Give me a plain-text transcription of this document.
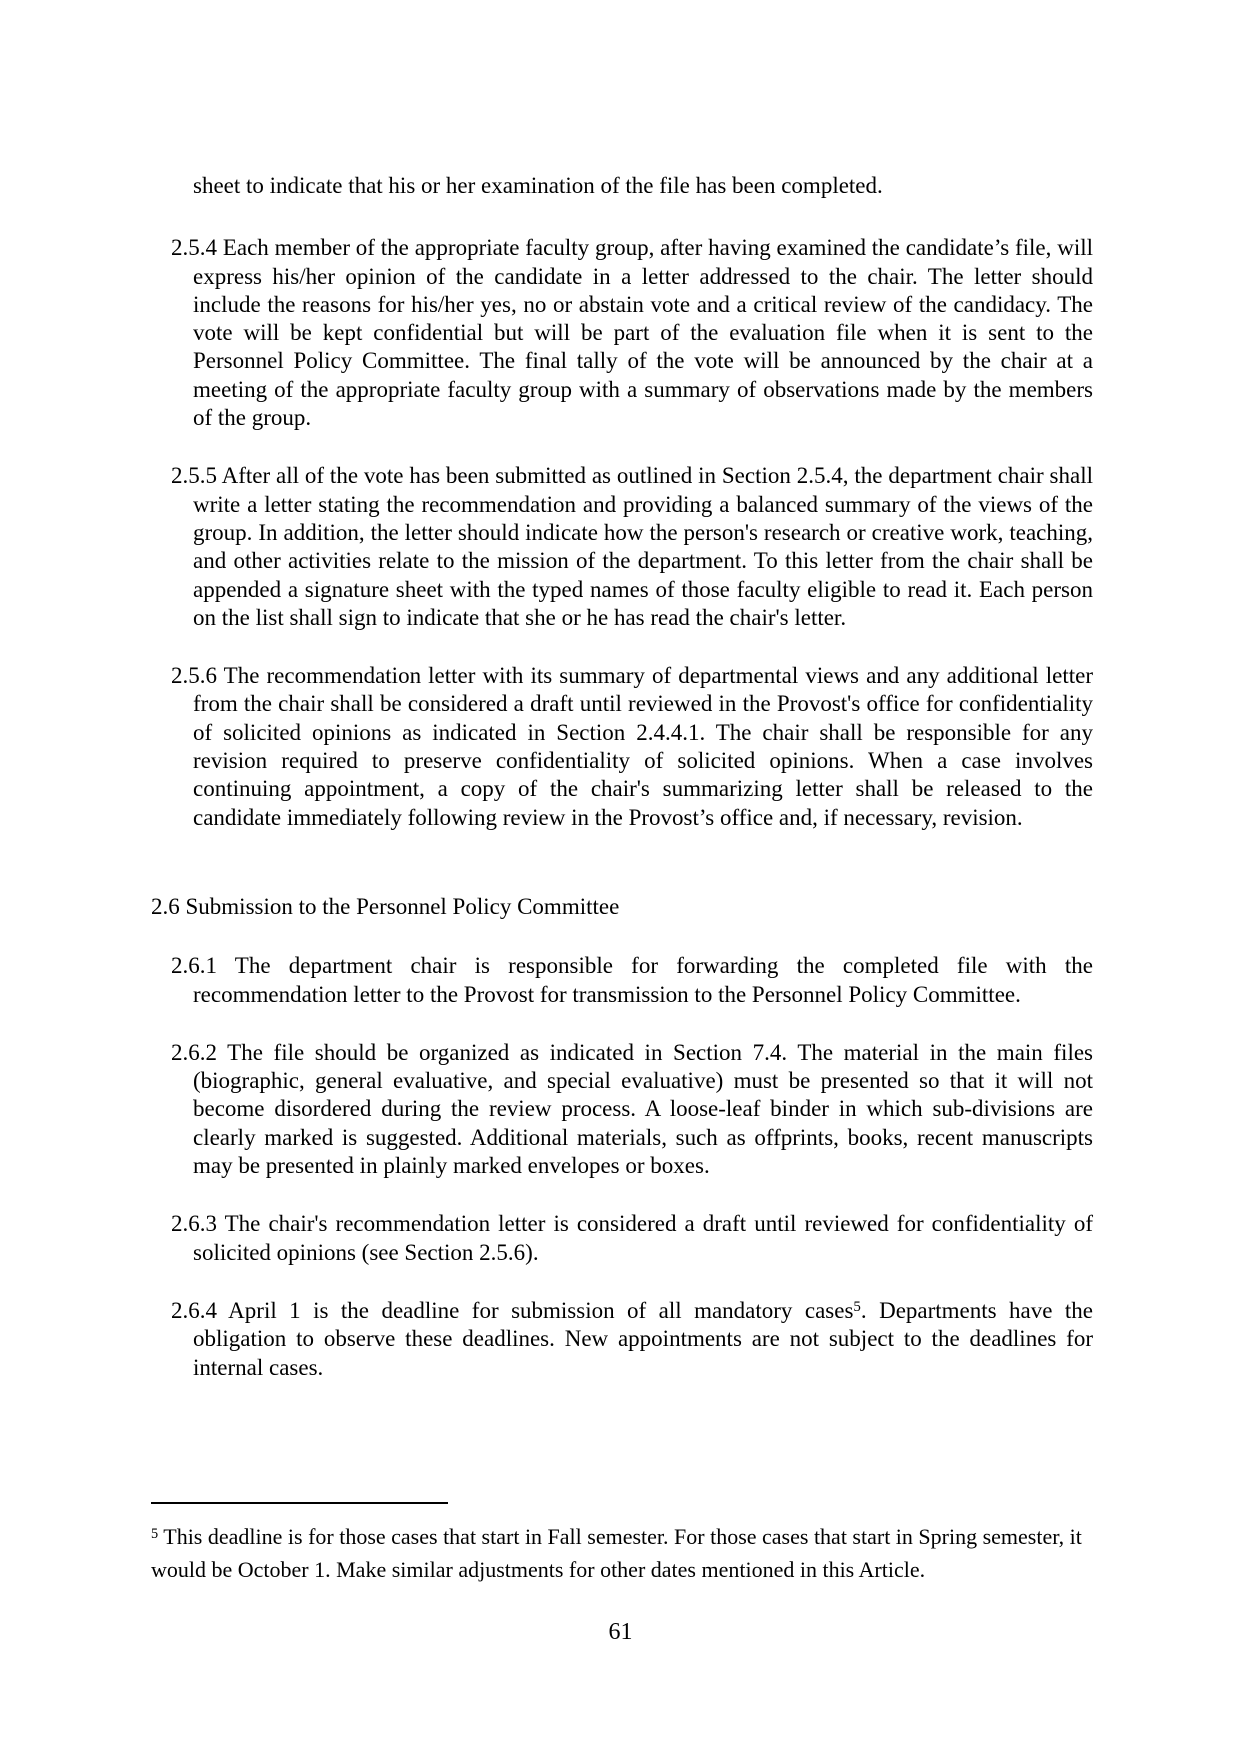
sheet to indicate that his or her examination of the file has been completed.

2.5.4 Each member of the appropriate faculty group, after having examined the candidate’s file, will express his/her opinion of the candidate in a letter addressed to the chair. The letter should include the reasons for his/her yes, no or abstain vote and a critical review of the candidacy. The vote will be kept confidential but will be part of the evaluation file when it is sent to the Personnel Policy Committee. The final tally of the vote will be announced by the chair at a meeting of the appropriate faculty group with a summary of observations made by the members of the group.

2.5.5 After all of the vote has been submitted as outlined in Section 2.5.4, the department chair shall write a letter stating the recommendation and providing a balanced summary of the views of the group. In addition, the letter should indicate how the person's research or creative work, teaching, and other activities relate to the mission of the department. To this letter from the chair shall be appended a signature sheet with the typed names of those faculty eligible to read it. Each person on the list shall sign to indicate that she or he has read the chair's letter.

2.5.6 The recommendation letter with its summary of departmental views and any additional letter from the chair shall be considered a draft until reviewed in the Provost's office for confidentiality of solicited opinions as indicated in Section 2.4.4.1. The chair shall be responsible for any revision required to preserve confidentiality of solicited opinions. When a case involves continuing appointment, a copy of the chair's summarizing letter shall be released to the candidate immediately following review in the Provost’s office and, if necessary, revision.

2.6 Submission to the Personnel Policy Committee

2.6.1 The department chair is responsible for forwarding the completed file with the recommendation letter to the Provost for transmission to the Personnel Policy Committee.

2.6.2 The file should be organized as indicated in Section 7.4. The material in the main files (biographic, general evaluative, and special evaluative) must be presented so that it will not become disordered during the review process. A loose-leaf binder in which sub-divisions are clearly marked is suggested. Additional materials, such as offprints, books, recent manuscripts may be presented in plainly marked envelopes or boxes.

2.6.3 The chair's recommendation letter is considered a draft until reviewed for confidentiality of solicited opinions (see Section 2.5.6).

2.6.4 April 1 is the deadline for submission of all mandatory cases$^5$. Departments have the obligation to observe these deadlines. New appointments are not subject to the deadlines for internal cases.

$^5$ This deadline is for those cases that start in Fall semester. For those cases that start in Spring semester, it would be October 1. Make similar adjustments for other dates mentioned in this Article.

61
